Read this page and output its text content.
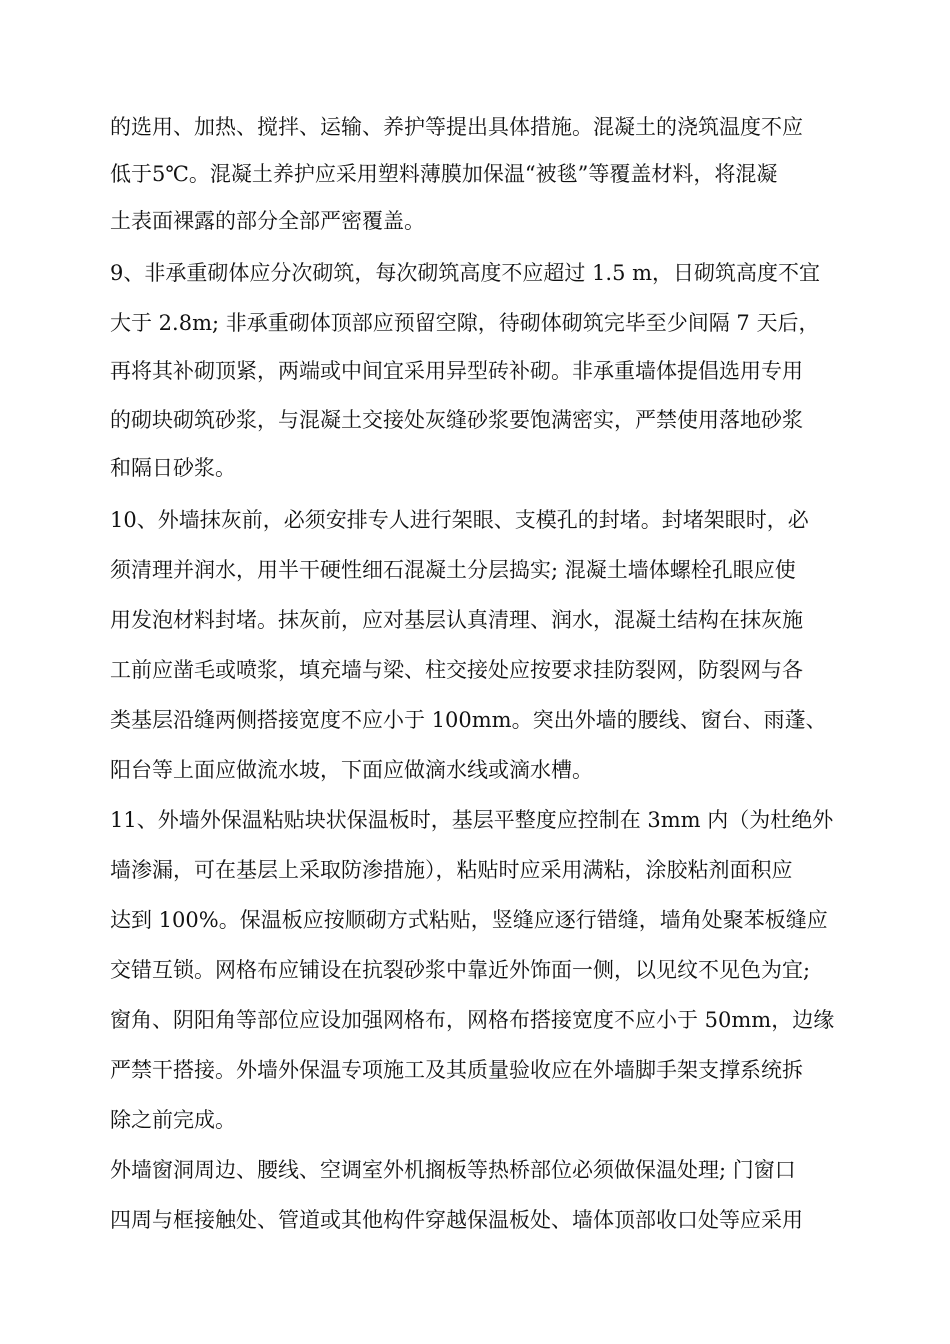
的选用、加热、搅拌、运输、养护等提出具体措施。混凝土的浇筑温度不应
低于5℃。混凝土养护应采用塑料薄膜加保温“被毯”等覆盖材料，将混凝
土表面裸露的部分全部严密覆盖。
9、非承重砌体应分次砌筑，每次砌筑高度不应超过 1.5 m，日砌筑高度不宜
大于 2.8m; 非承重砌体顶部应预留空隙，待砌体砌筑完毕至少间隔 7 天后，
再将其补砌顶紧，两端或中间宜采用异型砖补砌。非承重墙体提倡选用专用
的砌块砌筑砂浆，与混凝土交接处灰缝砂浆要饱满密实，严禁使用落地砂浆
和隔日砂浆。
10、外墙抹灰前，必须安排专人进行架眼、支模孔的封堵。封堵架眼时，必
须清理并润水，用半干硬性细石混凝土分层捣实; 混凝土墙体螺栓孔眼应使
用发泡材料封堵。抹灰前，应对基层认真清理、润水，混凝土结构在抹灰施
工前应凿毛或喷浆，填充墙与梁、柱交接处应按要求挂防裂网，防裂网与各
类基层沿缝两侧搭接宽度不应小于 100mm。突出外墙的腰线、窗台、雨蓬、
阳台等上面应做流水坡，下面应做滴水线或滴水槽。
11、外墙外保温粘贴块状保温板时，基层平整度应控制在 3mm 内（为杜绝外
墙渗漏，可在基层上采取防渗措施），粘贴时应采用满粘，涂胶粘剂面积应
达到 100%。保温板应按顺砌方式粘贴，竖缝应逐行错缝，墙角处聚苯板缝应
交错互锁。网格布应铺设在抗裂砂浆中靠近外饰面一侧，以见纹不见色为宜;
窗角、阴阳角等部位应设加强网格布，网格布搭接宽度不应小于 50mm，边缘
严禁干搭接。外墙外保温专项施工及其质量验收应在外墙脚手架支撑系统拆
除之前完成。
外墙窗洞周边、腰线、空调室外机搁板等热桥部位必须做保温处理; 门窗口
四周与框接触处、管道或其他构件穿越保温板处、墙体顶部收口处等应采用
